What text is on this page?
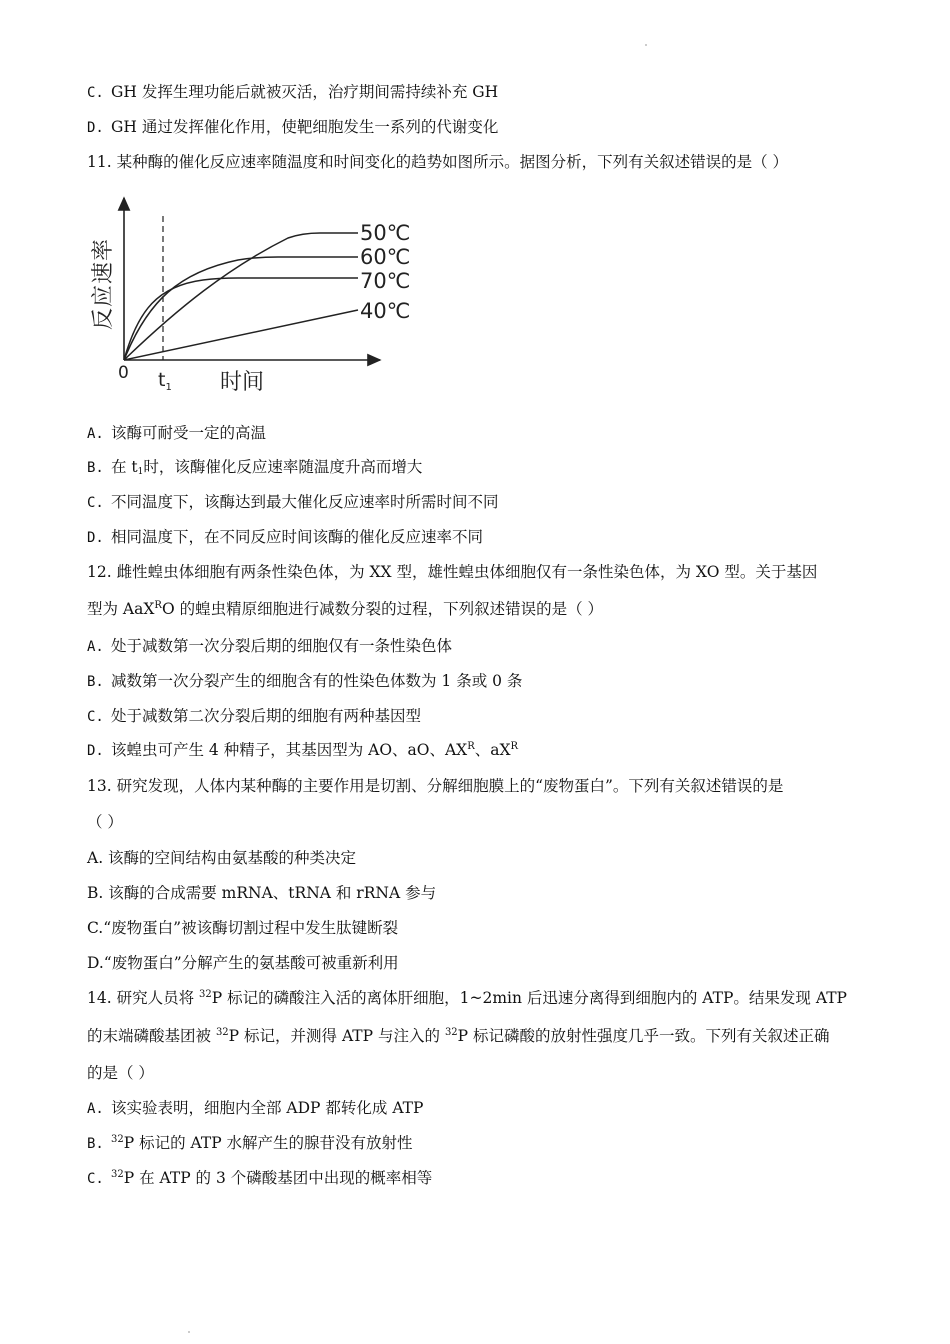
C. GH 发挥生理功能后就被灭活，治疗期间需持续补充 GH
D. GH 通过发挥催化作用，使靶细胞发生一系列的代谢变化
11. 某种酶的催化反应速率随温度和时间变化的趋势如图所示。据图分析，下列有关叙述错误的是（ ）
50℃
60℃
70℃
40℃
反应速率
0 $t_1$ 时间
A. 该酶可耐受一定的高温
B. 在 $t_1$时，该酶催化反应速率随温度升高而增大
C. 不同温度下，该酶达到最大催化反应速率时所需时间不同
D. 相同温度下，在不同反应时间该酶的催化反应速率不同
12. 雌性蝗虫体细胞有两条性染色体，为 XX 型，雄性蝗虫体细胞仅有一条性染色体，为 XO 型。关于基因
型为 AaX$^R$O 的蝗虫精原细胞进行减数分裂的过程，下列叙述错误的是（ ）
A. 处于减数第一次分裂后期的细胞仅有一条性染色体
B. 减数第一次分裂产生的细胞含有的性染色体数为 1 条或 0 条
C. 处于减数第二次分裂后期的细胞有两种基因型
D. 该蝗虫可产生 4 种精子，其基因型为 AO、aO、$AX^R$、$aX^R$
13. 研究发现，人体内某种酶的主要作用是切割、分解细胞膜上的“废物蛋白”。下列有关叙述错误的是
（ ）
A. 该酶的空间结构由氨基酸的种类决定
B. 该酶的合成需要 mRNA、tRNA 和 rRNA 参与
C.“废物蛋白”被该酶切割过程中发生肽键断裂
D.“废物蛋白”分解产生的氨基酸可被重新利用
14. 研究人员将 $^{32}$P 标记的磷酸注入活的离体肝细胞，1~2min 后迅速分离得到细胞内的 ATP。结果发现 ATP
的末端磷酸基团被 $^{32}$P 标记，并测得 ATP 与注入的 $^{32}$P 标记磷酸的放射性强度几乎一致。下列有关叙述正确
的是（ ）
A. 该实验表明，细胞内全部 ADP 都转化成 ATP
B. $^{32}$P 标记的 ATP 水解产生的腺苷没有放射性
C. $^{32}$P 在 ATP 的 3 个磷酸基团中出现的概率相等
